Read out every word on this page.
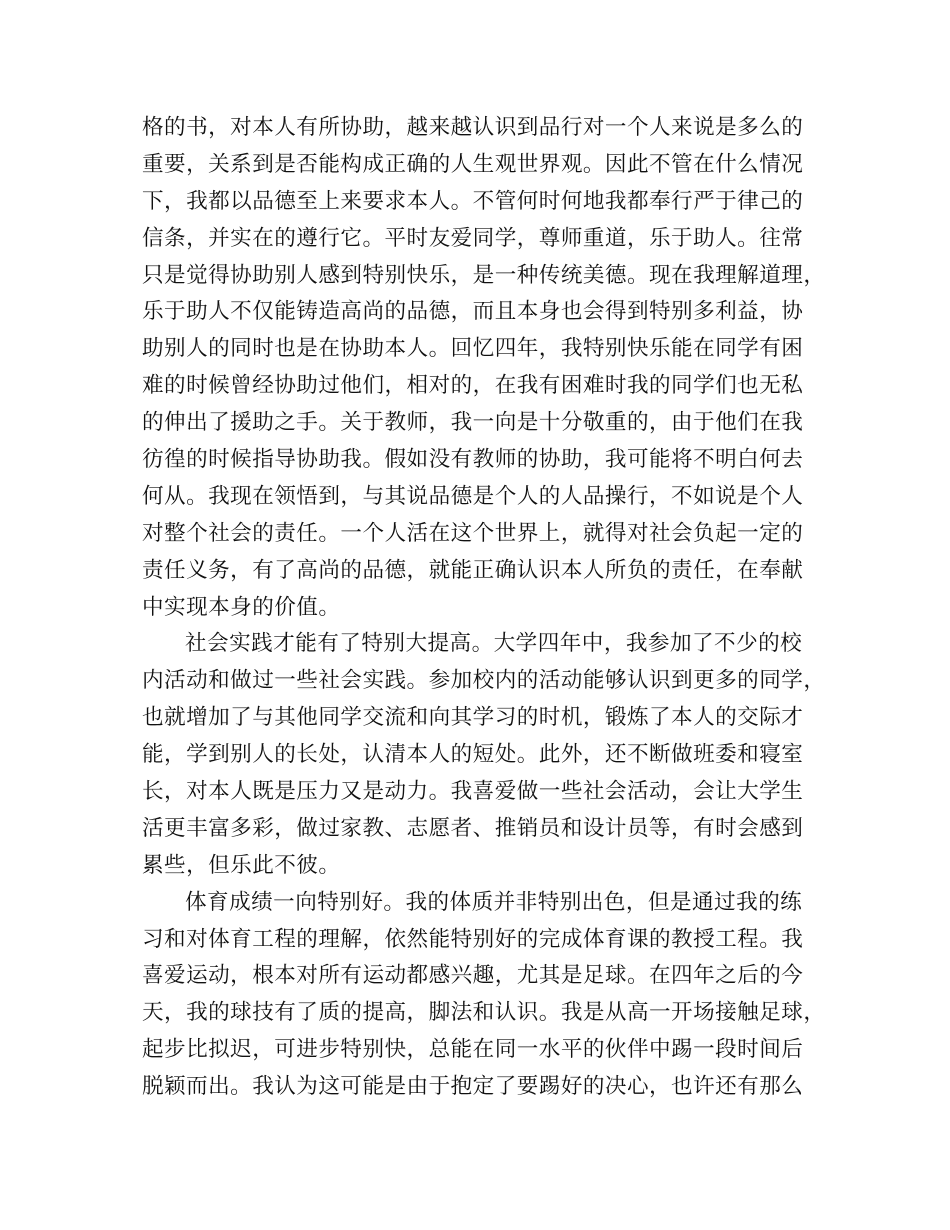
格的书，对本人有所协助，越来越认识到品行对一个人来说是多么的
重要，关系到是否能构成正确的人生观世界观。因此不管在什么情况
下，我都以品德至上来要求本人。不管何时何地我都奉行严于律己的
信条，并实在的遵行它。平时友爱同学，尊师重道，乐于助人。往常
只是觉得协助别人感到特别快乐，是一种传统美德。现在我理解道理，
乐于助人不仅能铸造高尚的品德，而且本身也会得到特别多利益，协
助别人的同时也是在协助本人。回忆四年，我特别快乐能在同学有困
难的时候曾经协助过他们，相对的，在我有困难时我的同学们也无私
的伸出了援助之手。关于教师，我一向是十分敬重的，由于他们在我
彷徨的时候指导协助我。假如没有教师的协助，我可能将不明白何去
何从。我现在领悟到，与其说品德是个人的人品操行，不如说是个人
对整个社会的责任。一个人活在这个世界上，就得对社会负起一定的
责任义务，有了高尚的品德，就能正确认识本人所负的责任，在奉献
中实现本身的价值。
社会实践才能有了特别大提高。大学四年中，我参加了不少的校
内活动和做过一些社会实践。参加校内的活动能够认识到更多的同学，
也就增加了与其他同学交流和向其学习的时机，锻炼了本人的交际才
能，学到别人的长处，认清本人的短处。此外，还不断做班委和寝室
长，对本人既是压力又是动力。我喜爱做一些社会活动，会让大学生
活更丰富多彩，做过家教、志愿者、推销员和设计员等，有时会感到
累些，但乐此不彼。
体育成绩一向特别好。我的体质并非特别出色，但是通过我的练
习和对体育工程的理解，依然能特别好的完成体育课的教授工程。我
喜爱运动，根本对所有运动都感兴趣，尤其是足球。在四年之后的今
天，我的球技有了质的提高，脚法和认识。我是从高一开场接触足球，
起步比拟迟，可进步特别快，总能在同一水平的伙伴中踢一段时间后
脱颖而出。我认为这可能是由于抱定了要踢好的决心，也许还有那么
